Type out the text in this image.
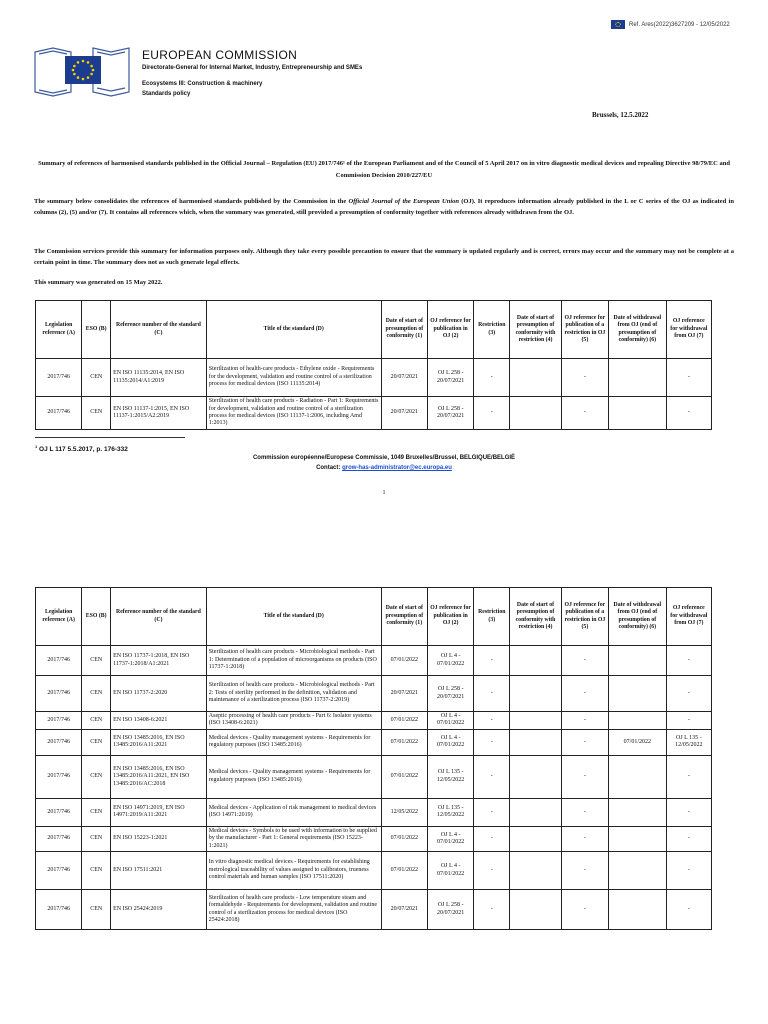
Ref. Ares(2022)3627209 - 12/05/2022
EUROPEAN COMMISSION
Directorate-General for Internal Market, Industry, Entrepreneurship and SMEs
Ecosystems III: Construction & machinery
Standards policy
Brussels, 12.5.2022
Summary of references of harmonised standards published in the Official Journal – Regulation (EU) 2017/746¹ of the European Parliament and of the Council of 5 April 2017 on in vitro diagnostic medical devices and repealing Directive 98/79/EC and Commission Decision 2010/227/EU
The summary below consolidates the references of harmonised standards published by the Commission in the Official Journal of the European Union (OJ). It reproduces information already published in the L or C series of the OJ as indicated in columns (2), (5) and/or (7). It contains all references which, when the summary was generated, still provided a presumption of conformity together with references already withdrawn from the OJ.
The Commission services provide this summary for information purposes only. Although they take every possible precaution to ensure that the summary is updated regularly and is correct, errors may occur and the summary may not be complete at a certain point in time. The summary does not as such generate legal effects.
This summary was generated on 15 May 2022.
Legislation reference (A)	ESO (B)	Reference number of the standard (C)	Title of the standard (D)	Date of start of presumption of conformity (1)	OJ reference for publication in OJ (2)	Restriction (3)	Date of start of presumption of conformity with restriction (4)	OJ reference for publication of a restriction in OJ (5)	Date of withdrawal from OJ (end of presumption of conformity) (6)	OJ reference for withdrawal from OJ (7)
2017/746	CEN	EN ISO 11135:2014, EN ISO 11135:2014/A1:2019	Sterilization of health-care products - Ethylene oxide - Requirements for the development, validation and routine control of a sterilization process for medical devices (ISO 11135:2014)	20/07/2021	OJ L 258 - 20/07/2021	-		-		-
2017/746	CEN	EN ISO 11137-1:2015, EN ISO 11137-1:2015/A2:2019	Sterilization of health care products - Radiation - Part 1: Requirements for development, validation and routine control of a sterilization process for medical devices (ISO 11137-1:2006, including Amd 1:2013)	20/07/2021	OJ L 258 - 20/07/2021	-		-		-
$^1$ OJ L 117 5.5.2017, p. 176-332
Commission européenne/Europese Commissie, 1049 Bruxelles/Brussel, BELGIQUE/BELGIË
Contact: grow-has-administrator@ec.europa.eu
1
Legislation reference (A)	ESO (B)	Reference number of the standard (C)	Title of the standard (D)	Date of start of presumption of conformity (1)	OJ reference for publication in OJ (2)	Restriction (3)	Date of start of presumption of conformity with restriction (4)	OJ reference for publication of a restriction in OJ (5)	Date of withdrawal from OJ (end of presumption of conformity) (6)	OJ reference for withdrawal from OJ (7)
2017/746	CEN	EN ISO 11737-1:2018, EN ISO 11737-1:2018/A1:2021	Sterilization of health care products - Microbiological methods - Part 1: Determination of a population of microorganisms on products (ISO 11737-1:2018)	07/01/2022	OJ L 4 - 07/01/2022	-		-		-
2017/746	CEN	EN ISO 11737-2:2020	Sterilization of health care products - Microbiological methods - Part 2: Tests of sterility performed in the definition, validation and maintenance of a sterilization process (ISO 11737-2:2019)	20/07/2021	OJ L 258 - 20/07/2021	-		-		-
2017/746	CEN	EN ISO 13408-6:2021	Aseptic processing of health care products - Part 6: Isolator systems (ISO 13408-6:2021)	07/01/2022	OJ L 4 - 07/01/2022	-		-		-
2017/746	CEN	EN ISO 13485:2016, EN ISO 13485:2016/A11:2021	Medical devices - Quality management systems - Requirements for regulatory purposes (ISO 13485:2016)	07/01/2022	OJ L 4 - 07/01/2022	-		-	07/01/2022	OJ L 135 - 12/05/2022
2017/746	CEN	EN ISO 13485:2016, EN ISO 13485:2016/A11:2021, EN ISO 13485:2016/AC:2018	Medical devices - Quality management systems - Requirements for regulatory purposes (ISO 13485:2016)	07/01/2022	OJ L 135 - 12/05/2022	-		-		-
2017/746	CEN	EN ISO 14971:2019, EN ISO 14971:2019/A11:2021	Medical devices - Application of risk management to medical devices (ISO 14971:2019)	12/05/2022	OJ L 135 - 12/05/2022	-		-		-
2017/746	CEN	EN ISO 15223-1:2021	Medical devices - Symbols to be used with information to be supplied by the manufacturer - Part 1: General requirements (ISO 15223-1:2021)	07/01/2022	OJ L 4 - 07/01/2022	-		-		-
2017/746	CEN	EN ISO 17511:2021	In vitro diagnostic medical devices - Requirements for establishing metrological traceability of values assigned to calibrators, trueness control materials and human samples (ISO 17511:2020)	07/01/2022	OJ L 4 - 07/01/2022	-		-		-
2017/746	CEN	EN ISO 25424:2019	Sterilization of health care products - Low temperature steam and formaldehyde - Requirements for development, validation and routine control of a sterilization process for medical devices (ISO 25424:2018)	20/07/2021	OJ L 258 - 20/07/2021	-		-		-
